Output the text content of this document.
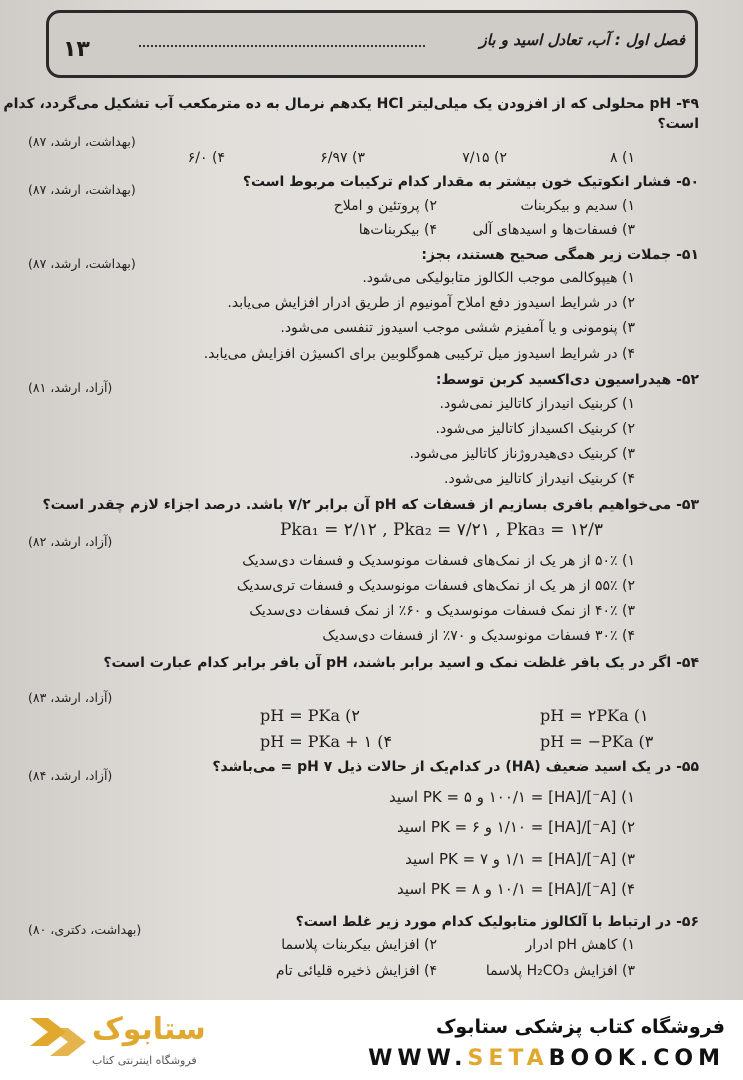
فصل اول : آب، تعادل اسید و باز
۱۳
۴۹- pH محلولی که از افزودن یک میلی‌لیتر HCl یکدهم نرمال به ده مترمکعب آب تشکیل می‌گردد، کدام
است؟
(بهداشت، ارشد، ۸۷)
۱) ۸
۲) ۷/۱۵
۳) ۶/۹۷
۴) ۶/۰
۵۰- فشار انکوتیک خون بیشتر به مقدار کدام ترکیبات مربوط است؟
(بهداشت، ارشد، ۸۷)
۱) سدیم و بیکربنات
۲) پروتئین و املاح
۳) فسفات‌ها و اسیدهای آلی
۴) بیکربنات‌ها
۵۱- جملات زیر همگی صحیح هستند، بجز:
(بهداشت، ارشد، ۸۷)
۱) هیپوکالمی موجب الکالوز متابولیکی می‌شود.
۲) در شرایط اسیدوز دفع املاح آمونیوم از طریق ادرار افزایش می‌یابد.
۳) پنومونی و یا آمفیزم ششی موجب اسیدوز تنفسی می‌شود.
۴) در شرایط اسیدوز میل ترکیبی هموگلوبین برای اکسیژن افزایش می‌یابد.
۵۲- هیدراسیون دی‌اکسید کربن توسط:
(آزاد، ارشد، ۸۱)
۱) کربنیک انیدراز کاتالیز نمی‌شود.
۲) کربنیک اکسیداز کاتالیز می‌شود.
۳) کربنیک دی‌هیدروژناز کاتالیز می‌شود.
۴) کربنیک انیدراز کاتالیز می‌شود.
۵۳- می‌خواهیم بافری بسازیم از فسفات که pH آن برابر ۷/۲ باشد. درصد اجزاء لازم چقدر است؟
Pka₁ = ۲/۱۲ , Pka₂ = ۷/۲۱ , Pka₃ = ۱۲/۳
(آزاد، ارشد، ۸۲)
۱) ۵۰٪ از هر یک از نمک‌های فسفات مونوسدیک و فسفات دی‌سدیک
۲) ۵۵٪ از هر یک از نمک‌های فسفات مونوسدیک و فسفات تری‌سدیک
۳) ۴۰٪ از نمک فسفات مونوسدیک و ۶۰٪ از نمک فسفات دی‌سدیک
۴) ۳۰٪ فسفات مونوسدیک و ۷۰٪ از فسفات دی‌سدیک
۵۴- اگر در یک بافر غلظت نمک و اسید برابر باشند، pH آن بافر برابر کدام عبارت است؟
(آزاد، ارشد، ۸۳)
۱) pH = ۲PKa
۲) pH = PKa
۳) pH = −PKa
۴) pH = PKa + ۱
۵۵- در یک اسید ضعیف (HA) در کدام‌یک از حالات ذیل pH ۷ = می‌باشد؟
(آزاد، ارشد، ۸۴)
۱) [A⁻]/[HA] = ۱۰۰/۱ و PK = ۵ اسید
۲) [A⁻]/[HA] = ۱/۱۰ و PK = ۶ اسید
۳) [A⁻]/[HA] = ۱/۱ و PK = ۷ اسید
۴) [A⁻]/[HA] = ۱۰/۱ و PK = ۸ اسید
۵۶- در ارتباط با آلکالوز متابولیک کدام مورد زیر غلط است؟
(بهداشت، دکتری، ۸۰)
۱) کاهش pH ادرار
۲) افزایش بیکربنات پلاسما
۳) افزایش H₂CO₃ پلاسما
۴) افزایش ذخیره قلیائی تام
ستابوک
فروشگاه اینترنتی کتاب
فروشگاه کتاب پزشکی ستابوک
WWW.SETABOOK.COM
